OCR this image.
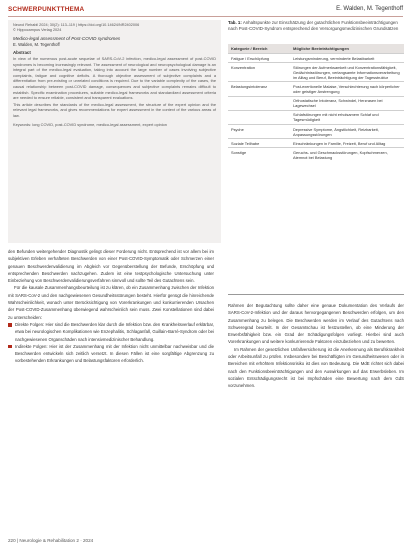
SCHWERPUNKTTHEMA	E. Walden, M. Tegenthoff
Neurol Rehabil 2024; 30(2): 113–119 | https://doi.org/10.14624/NR2402006
© Hippocampus Verlag 2024
Medico-legal assessment of Post-COVID syndromes
E. Walden, M. Tegenthoff
Abstract

In view of the numerous post-acute sequelae of SARS-CoV-2 infection, medico-legal assessment of post-COVID syndromes is becoming increasingly relevant. The assessment of neurological and neuropsychological damage is an integral part of the medico-legal evaluation, taking into account the large number of cases involving subjective complaints, fatigue and cognitive deficits. A thorough objective assessment of subjective complaints and a differentiation from pre-existing or unrelated conditions is required. Due to the variable complexity of the cases, the causal relationship between post-COVID damage, consequences and subjective complaints remains difficult to establish. Specific examination procedures, suitable medico-legal frameworks and standardized assessment criteria are needed to ensure reliable, consistent and transparent evaluations.

This article describes the standards of the medico-legal assessment, the structure of the expert opinion and the relevant legal frameworks, and gives recommendations for expert assessment in the context of the various areas of law.

Keywords: long COVID, post-COVID syndrome, medico-legal assessment, expert opinion
Tab. 1: Anhaltspunkte zur Einschätzung der gutachtlichen Funktionsbeeinträchtigungen nach Post-COVID-Syndrom entsprechend den Versorgungsmedizinischen Grundsätzen
Kategorie / Bereich	Mögliche Beeinträchtigungen
Fatigue / Erschöpfung	Leistungsminderung, verminderte Belastbarkeit
Konzentration	Störungen der Aufmerksamkeit und Konzentrationsfähigkeit, Gedächtnisstörungen, verlangsamte Informationsverarbeitung im Alltag und Beruf, Beeinträchtigung der Tagesstruktur
Belastungsintoleranz	Post-exertionelle Malaise, Verschlechterung nach körperlicher oder geistiger Anstrengung
	Orthostatische Intoleranz, Schwindel, Herzrasen bei Lagewechsel
	Schlafstörungen mit nicht erholsamem Schlaf und Tagesmüdigkeit
Psyche	Depressive Symptome, Ängstlichkeit, Reizbarkeit, Anpassungsstörungen
Soziale Teilhabe	Einschränkungen in Familie, Freizeit, Beruf und Alltag
Sonstige	Geruchs- und Geschmacksstörungen, Kopfschmerzen, Atemnot bei Belastung

den Befunden weitergehender Diagnostik gelingt dieser Forderung nicht. Entsprechend ist vor allem bei im subjektiven Erleben verhafteten Beschwerden von einer Post-COVID-Symptomatik oder Schmerzen einer genauen Beschwerdenvalidierung im Abgleich vor Gegenüberstellung der Befunde, Erschöpfung und entsprechenden Beschwerden nachzugehen. Zudem ist eine testpsychologische Untersuchung unter Einbeziehung von Beschwerdenvalidierungsverfahren sinnvoll und sollte Teil des Gutachtens sein.

Für die kausale Zusammenhangsbeurteilung ist zu klären, ob ein Zusammenhang zwischen der Infektion mit SARS-CoV-2 und den nachgewiesenen Gesundheitsstörungen besteht. Hierfür genügt die hinreichende Wahrscheinlichkeit, wonach unter Berücksichtigung von Vorerkrankungen und konkurrierenden Ursachen der Post-COVID-Zusammenhang überwiegend wahrscheinlich sein muss. Zwei Konstellationen sind dabei zu unterscheiden:

Direkte Folgen: Hier sind die Beschwerden klar durch die Infektion bzw. den Krankheitsverlauf erklärbar, etwa bei neurologischen Komplikationen wie Enzephalitis, Schlaganfall, Guillain-Barré-Syndrom oder bei nachgewiesenen Organschäden nach intensivmedizinischer Behandlung.
Indirekte Folgen: Hier ist der Zusammenhang mit der Infektion nicht unmittelbar nachweisbar und die Beschwerden entwickeln sich zeitlich versetzt. In diesen Fällen ist eine sorgfältige Abgrenzung zu vorbestehenden Erkrankungen und Belastungsfaktoren erforderlich.

Rahmen der Begutachtung sollte daher eine genaue Dokumentation des Verlaufs der SARS-CoV-2-Infektion und der daraus hervorgegangenen Beschwerden erfolgen, um den Zusammenhang zu belegen. Die Beschwerden werden im Verlauf des Gutachtens nach Schweregrad beurteilt. In der Gesamtschau ist festzustellen, ob eine Minderung der Erwerbsfähigkeit bzw. ein Grad der Schädigungsfolgen vorliegt. Hierbei sind auch Vorerkrankungen und weitere konkurrierende Faktoren einzubeziehen und zu bewerten.

Im Rahmen der gesetzlichen Unfallversicherung ist die Anerkennung als Berufskrankheit oder Arbeitsunfall zu prüfen. Insbesondere bei Beschäftigten im Gesundheitswesen oder in Bereichen mit erhöhtem Infektionsrisiko ist dies von Bedeutung. Die MdE richtet sich dabei nach den Funktionsbeeinträchtigungen und den Auswirkungen auf das Erwerbsleben. Im sozialen Entschädigungsrecht ist bei Impfschäden eine Bewertung nach dem GdS vorzunehmen.

220 | Neurologie & Rehabilitation 2 · 2024
